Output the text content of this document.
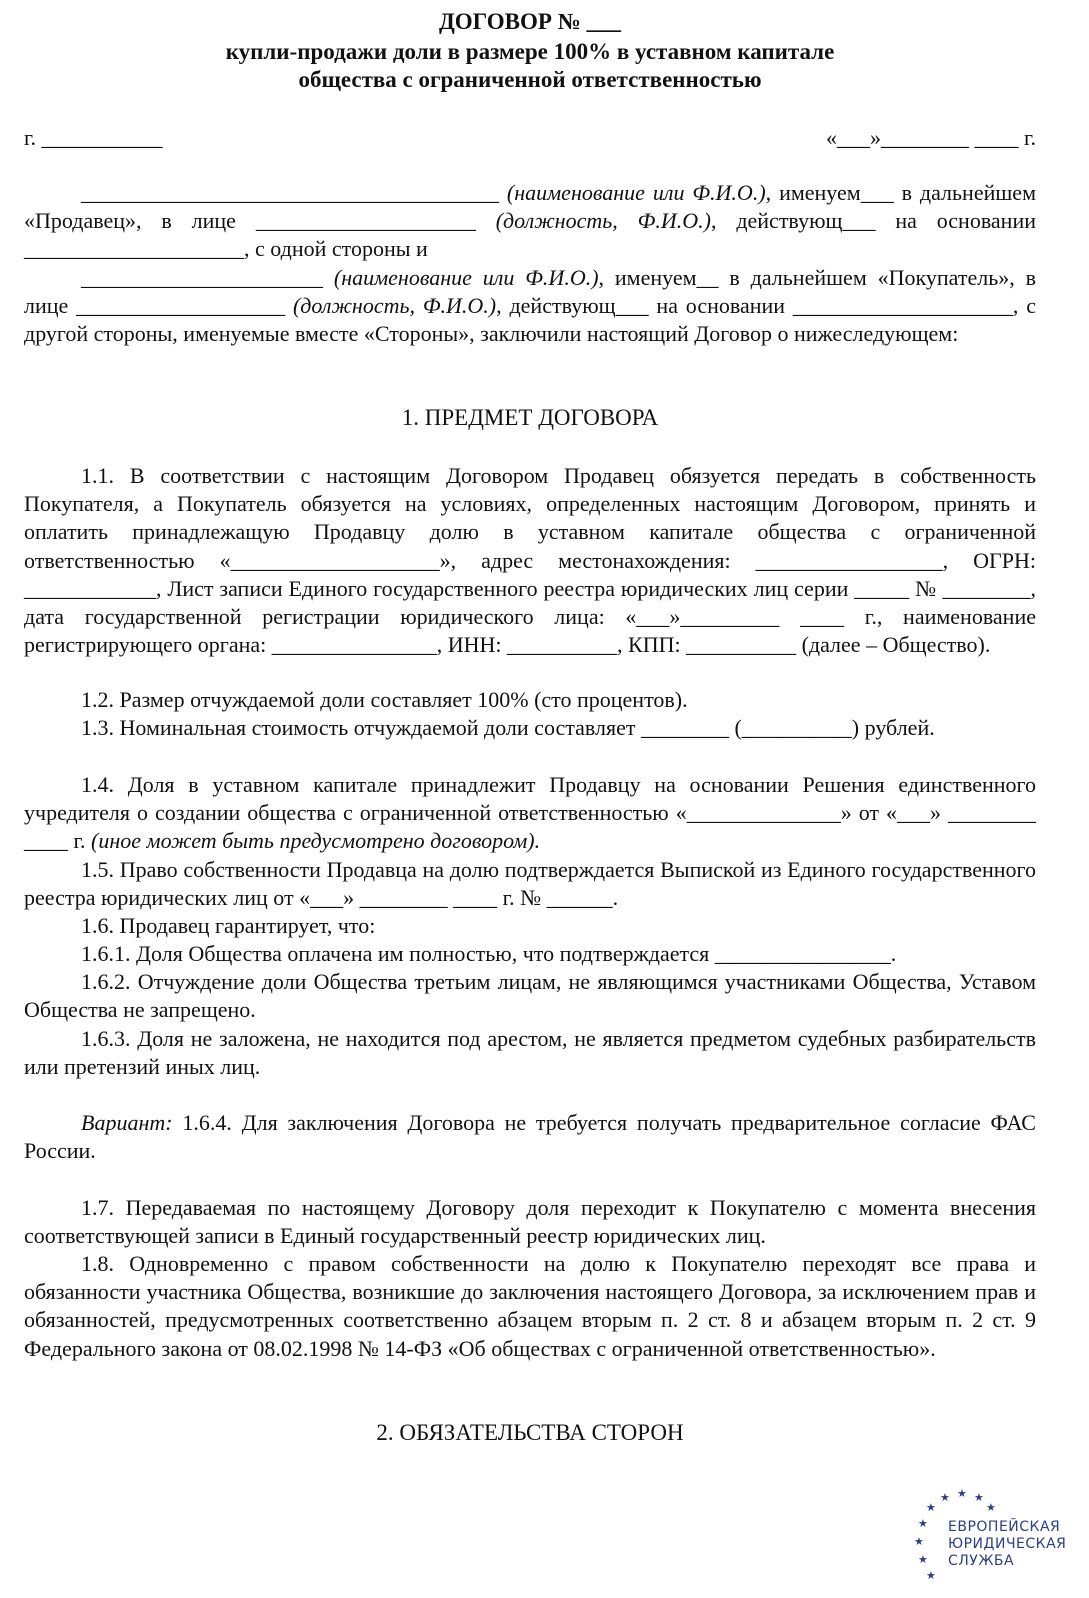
ДОГОВОР № ___
купли-продажи доли в размере 100% в уставном капитале
общества с ограниченной ответственностью
г. ___________	«___»________ ____ г.

______________________________________ (наименование или Ф.И.О.), именуем___ в дальнейшем «Продавец», в лице ____________________ (должность, Ф.И.О.), действующ___ на основании ____________________, с одной стороны и

______________________ (наименование или Ф.И.О.), именуем__ в дальнейшем «Покупатель», в лице ___________________ (должность, Ф.И.О.), действующ___ на основании ____________________, с другой стороны, именуемые вместе «Стороны», заключили настоящий Договор о нижеследующем:

1. ПРЕДМЕТ ДОГОВОРА

1.1. В соответствии с настоящим Договором Продавец обязуется передать в собственность Покупателя, а Покупатель обязуется на условиях, определенных настоящим Договором, принять и оплатить принадлежащую Продавцу долю в уставном капитале общества с ограниченной ответственностью «___________________», адрес местонахождения: _________________, ОГРН: ____________, Лист записи Единого государственного реестра юридических лиц серии _____ № ________, дата государственной регистрации юридического лица: «___»_________ ____ г., наименование регистрирующего органа: _______________, ИНН: __________, КПП: __________ (далее – Общество).

1.2. Размер отчуждаемой доли составляет 100% (сто процентов).

1.3. Номинальная стоимость отчуждаемой доли составляет ________ (__________) рублей.

1.4. Доля в уставном капитале принадлежит Продавцу на основании Решения единственного учредителя о создании общества с ограниченной ответственностью «______________» от «___» ________ ____ г. (иное может быть предусмотрено договором).

1.5. Право собственности Продавца на долю подтверждается Выпиской из Единого государственного реестра юридических лиц от «___» ________ ____ г. № ______.

1.6. Продавец гарантирует, что:

1.6.1. Доля Общества оплачена им полностью, что подтверждается ________________.

1.6.2. Отчуждение доли Общества третьим лицам, не являющимся участниками Общества, Уставом Общества не запрещено.

1.6.3. Доля не заложена, не находится под арестом, не является предметом судебных разбирательств или претензий иных лиц.

Вариант: 1.6.4. Для заключения Договора не требуется получать предварительное согласие ФАС России.

1.7. Передаваемая по настоящему Договору доля переходит к Покупателю с момента внесения соответствующей записи в Единый государственный реестр юридических лиц.

1.8. Одновременно с правом собственности на долю к Покупателю переходят все права и обязанности участника Общества, возникшие до заключения настоящего Договора, за исключением прав и обязанностей, предусмотренных соответственно абзацем вторым п. 2 ст. 8 и абзацем вторым п. 2 ст. 9 Федерального закона от 08.02.1998 № 14-ФЗ «Об обществах с ограниченной ответственностью».

2. ОБЯЗАТЕЛЬСТВА СТОРОН
★ ★ ★
★	★
★
★
★
★
ЕВРОПЕЙСКАЯ
ЮРИДИЧЕСКАЯ
СЛУЖБА
